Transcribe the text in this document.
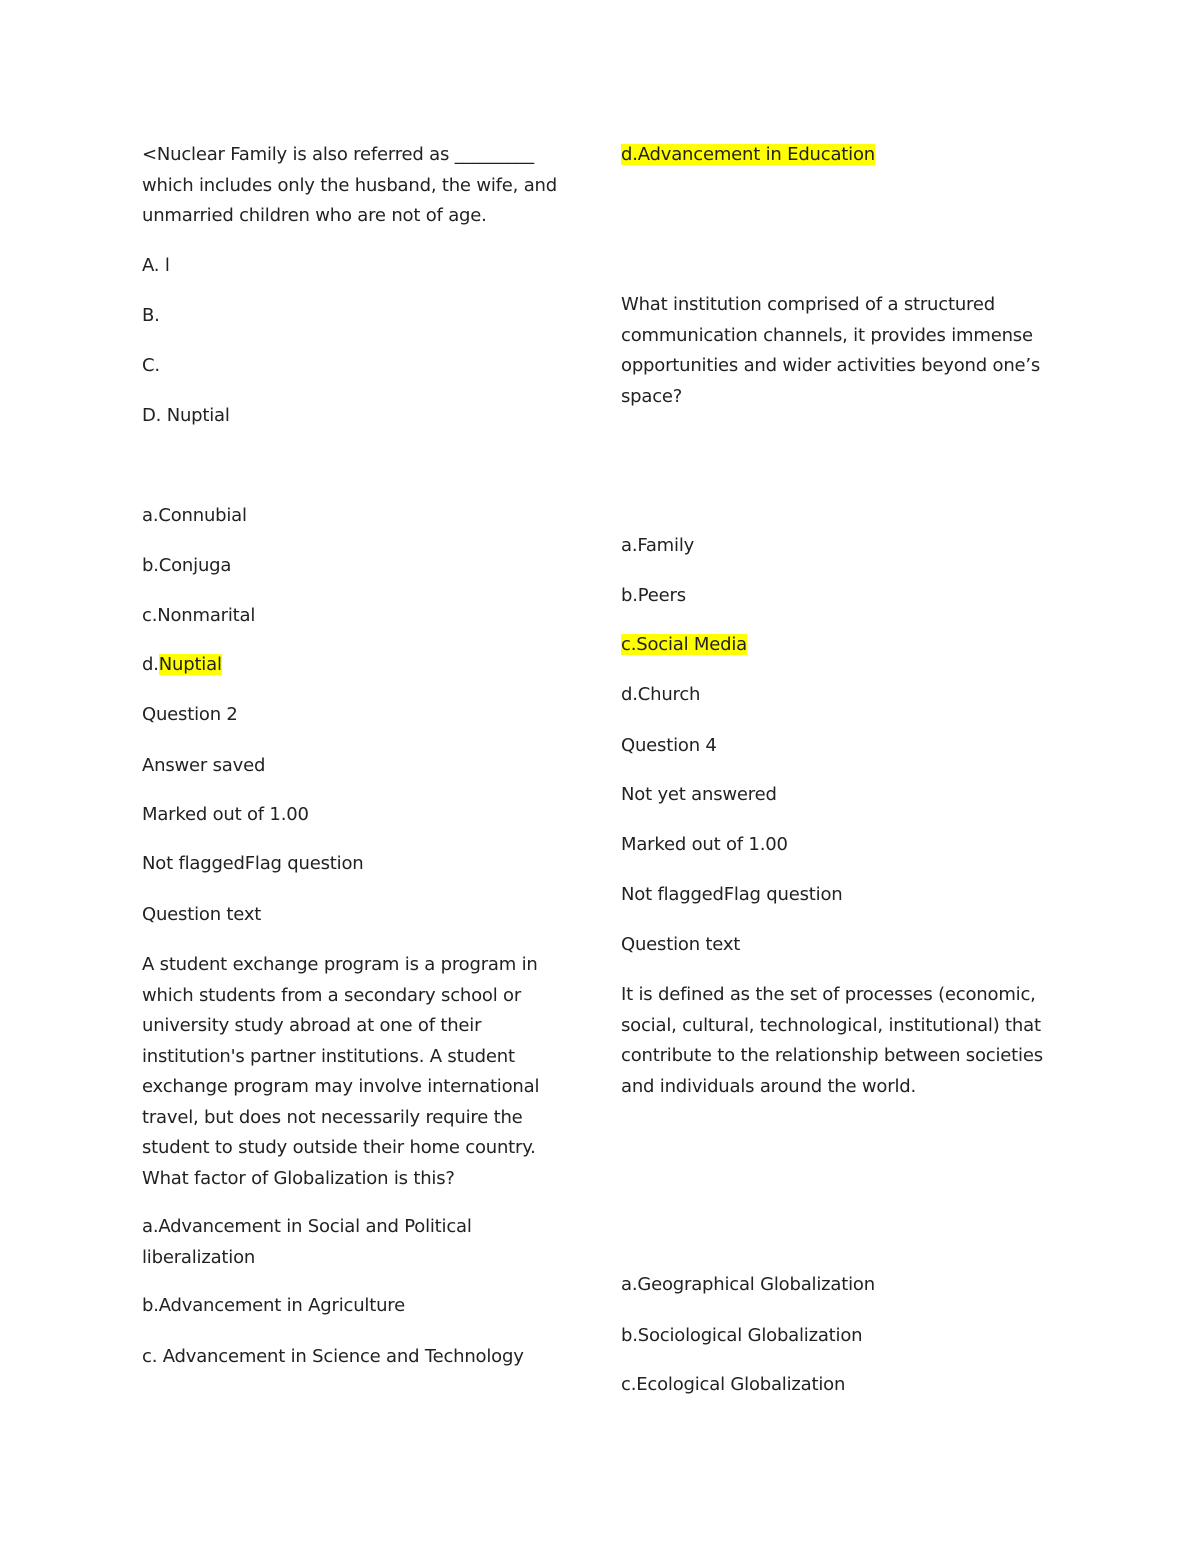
<Nuclear Family is also referred as _________ which includes only the husband, the wife, and unmarried children who are not of age.
A. l
B.
C.
D. Nuptial
a.Connubial
b.Conjuga
c.Nonmarital
d.Nuptial
Question 2
Answer saved
Marked out of 1.00
Not flaggedFlag question
Question text
A student exchange program is a program in which students from a secondary school or university study abroad at one of their institution's partner institutions. A student exchange program may involve international travel, but does not necessarily require the student to study outside their home country. What factor of Globalization is this?
a.Advancement in Social and Political liberalization
b.Advancement in Agriculture
c. Advancement in Science and Technology
d.Advancement in Education
What institution comprised of a structured communication channels, it provides immense opportunities and wider activities beyond one’s space?
a.Family
b.Peers
c.Social Media
d.Church
Question 4
Not yet answered
Marked out of 1.00
Not flaggedFlag question
Question text
It is defined as the set of processes (economic, social, cultural, technological, institutional) that contribute to the relationship between societies and individuals around the world.
a.Geographical Globalization
b.Sociological Globalization
c.Ecological Globalization
